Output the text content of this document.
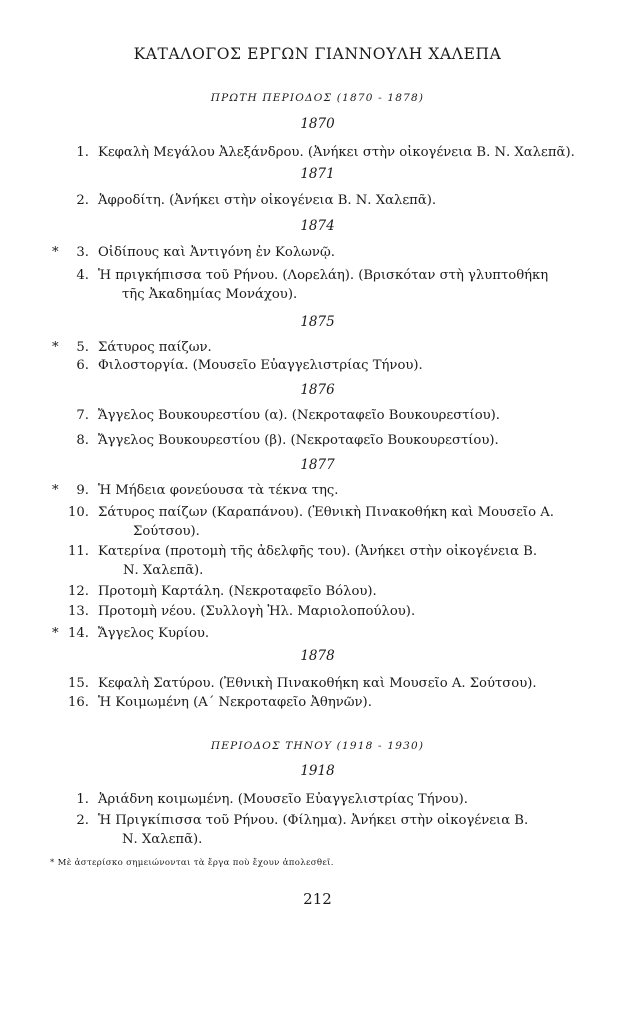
ΚΑΤΑΛΟΓΟΣ ΕΡΓΩΝ ΓΙΑΝΝΟΥΛΗ ΧΑΛΕΠΑ
* Μὲ ἀστερίσκο σημειώνονται τὰ ἔργα ποὺ ἔχουν ἀπολεσθεῖ.
212
ΠΡΩΤΗ ΠΕΡΙΟΔΟΣ (1870 - 1878)
1870
1. Κεφαλὴ Μεγάλου Ἀλεξάνδρου. (Ἀνήκει στὴν οἰκογένεια Β. Ν. Χαλεπᾶ).
1871
2. Ἀφροδίτη. (Ἀνήκει στὴν οἰκογένεια Β. Ν. Χαλεπᾶ).
1874
* 3. Οἰδίπους καὶ Ἀντιγόνη ἐν Κολωνῷ.
4. Ἡ πριγκήπισσα τοῦ Ρήνου. (Λορελάη). (Βρισκόταν στὴ γλυπτοθήκη
τῆς Ἀκαδημίας Μονάχου).
1875
* 5. Σάτυρος παίζων.
6. Φιλοστοργία. (Μουσεῖο Εὐαγγελιστρίας Τήνου).
1876
7. Ἄγγελος Βουκουρεστίου (α). (Νεκροταφεῖο Βουκουρεστίου).
8. Ἄγγελος Βουκουρεστίου (β). (Νεκροταφεῖο Βουκουρεστίου).
1877
* 9. Ἡ Μήδεια φονεύουσα τὰ τέκνα της.
10. Σάτυρος παίζων (Καραπάνου). (Ἐθνικὴ Πινακοθήκη καὶ Μουσεῖο Α.
Σούτσου).
11. Κατερίνα (προτομὴ τῆς ἀδελφῆς του). (Ἀνήκει στὴν οἰκογένεια Β.
Ν. Χαλεπᾶ).
12. Προτομὴ Καρτάλη. (Νεκροταφεῖο Βόλου).
13. Προτομὴ νέου. (Συλλογὴ Ἠλ. Μαριολοπούλου).
* 14. Ἄγγελος Κυρίου.
1878
15. Κεφαλὴ Σατύρου. (Ἐθνικὴ Πινακοθήκη καὶ Μουσεῖο Α. Σούτσου).
16. Ἡ Κοιμωμένη (Α΄ Νεκροταφεῖο Ἀθηνῶν).
ΠΕΡΙΟΔΟΣ ΤΗΝΟΥ (1918 - 1930)
1918
1. Ἀριάδνη κοιμωμένη. (Μουσεῖο Εὐαγγελιστρίας Τήνου).
2. Ἡ Πριγκίπισσα τοῦ Ρήνου. (Φίλημα). Ἀνήκει στὴν οἰκογένεια Β.
Ν. Χαλεπᾶ).
